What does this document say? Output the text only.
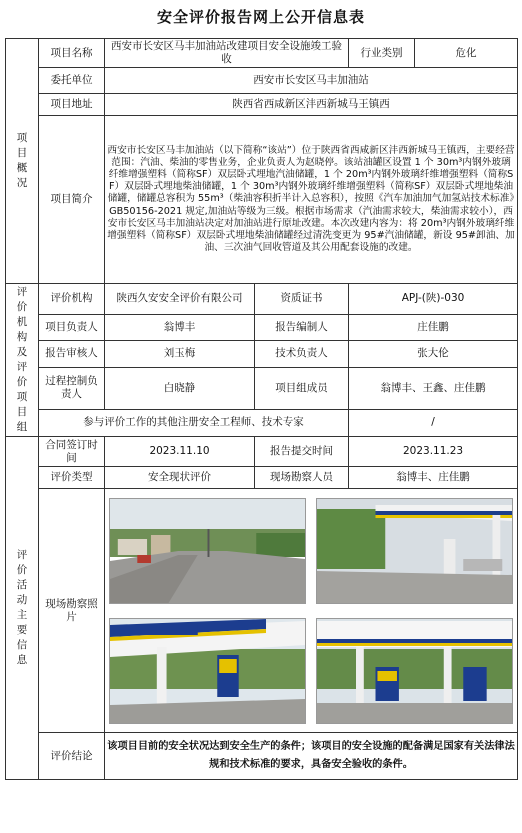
安全评价报告网上公开信息表
项目概况	项目名称	西安市长安区马丰加油站改建项目安全设施竣工验收		行业类别	危化
	委托单位	西安市长安区马丰加油站			
	项目地址	陕西省西咸新区沣西新城马王镇西			
	项目简介	西安市长安区马丰加油站（以下简称“该站”）位于陕西省西咸新区沣西新城马王镇西，主要经营范围：汽油、柴油的零售业务，企业负责人为赵晓停。该站油罐区设置 1 个 30m³内钢外玻璃纤维增强塑料（简称SF）双层卧式埋地汽油储罐，1 个 20m³内钢外玻璃纤维增强塑料（简称SF）双层卧式埋地柴油储罐，1 个 30m³内钢外玻璃纤维增强塑料（简称SF）双层卧式埋地柴油储罐，储罐总容积为 55m³（柴油容积折半计入总容积），按照《汽车加油加气加氢站技术标准》GB50156-2021 规定,加油站等级为三级。根据市场需求（汽油需求较大，柴油需求较小），西安市长安区马丰加油站决定对加油站进行原址改建。本次改建内容为：将 20m³内钢外玻璃纤维增强塑料（简称SF）双层卧式埋地柴油储罐经过清洗变更为 95#汽油储罐，新设 95#卸油、加油、三次油气回收管道及其公用配套设施的改建。			
评价机构及评价项目组	评价机构	陕西久安安全评价有限公司	资质证书	APJ-(陕)-030	
	项目负责人	翁博丰	报告编制人	庄佳鹏	
	报告审核人	刘玉梅	技术负责人	张大伦	
	过程控制负责人	白晓静	项目组成员	翁博丰、王鑫、庄佳鹏	
	参与评价工作的其他注册安全工程师、技术专家			/	
评价活动主要信息	合同签订时间	2023.11.10	报告提交时间	2023.11.23	
	评价类型	安全现状评价	现场勘察人员	翁博丰、庄佳鹏	
	现场勘察照片	

	评价结论	该项目目前的安全状况达到安全生产的条件；该项目的安全设施的配备满足国家有关法律法规和技术标准的要求，具备安全验收的条件。			
